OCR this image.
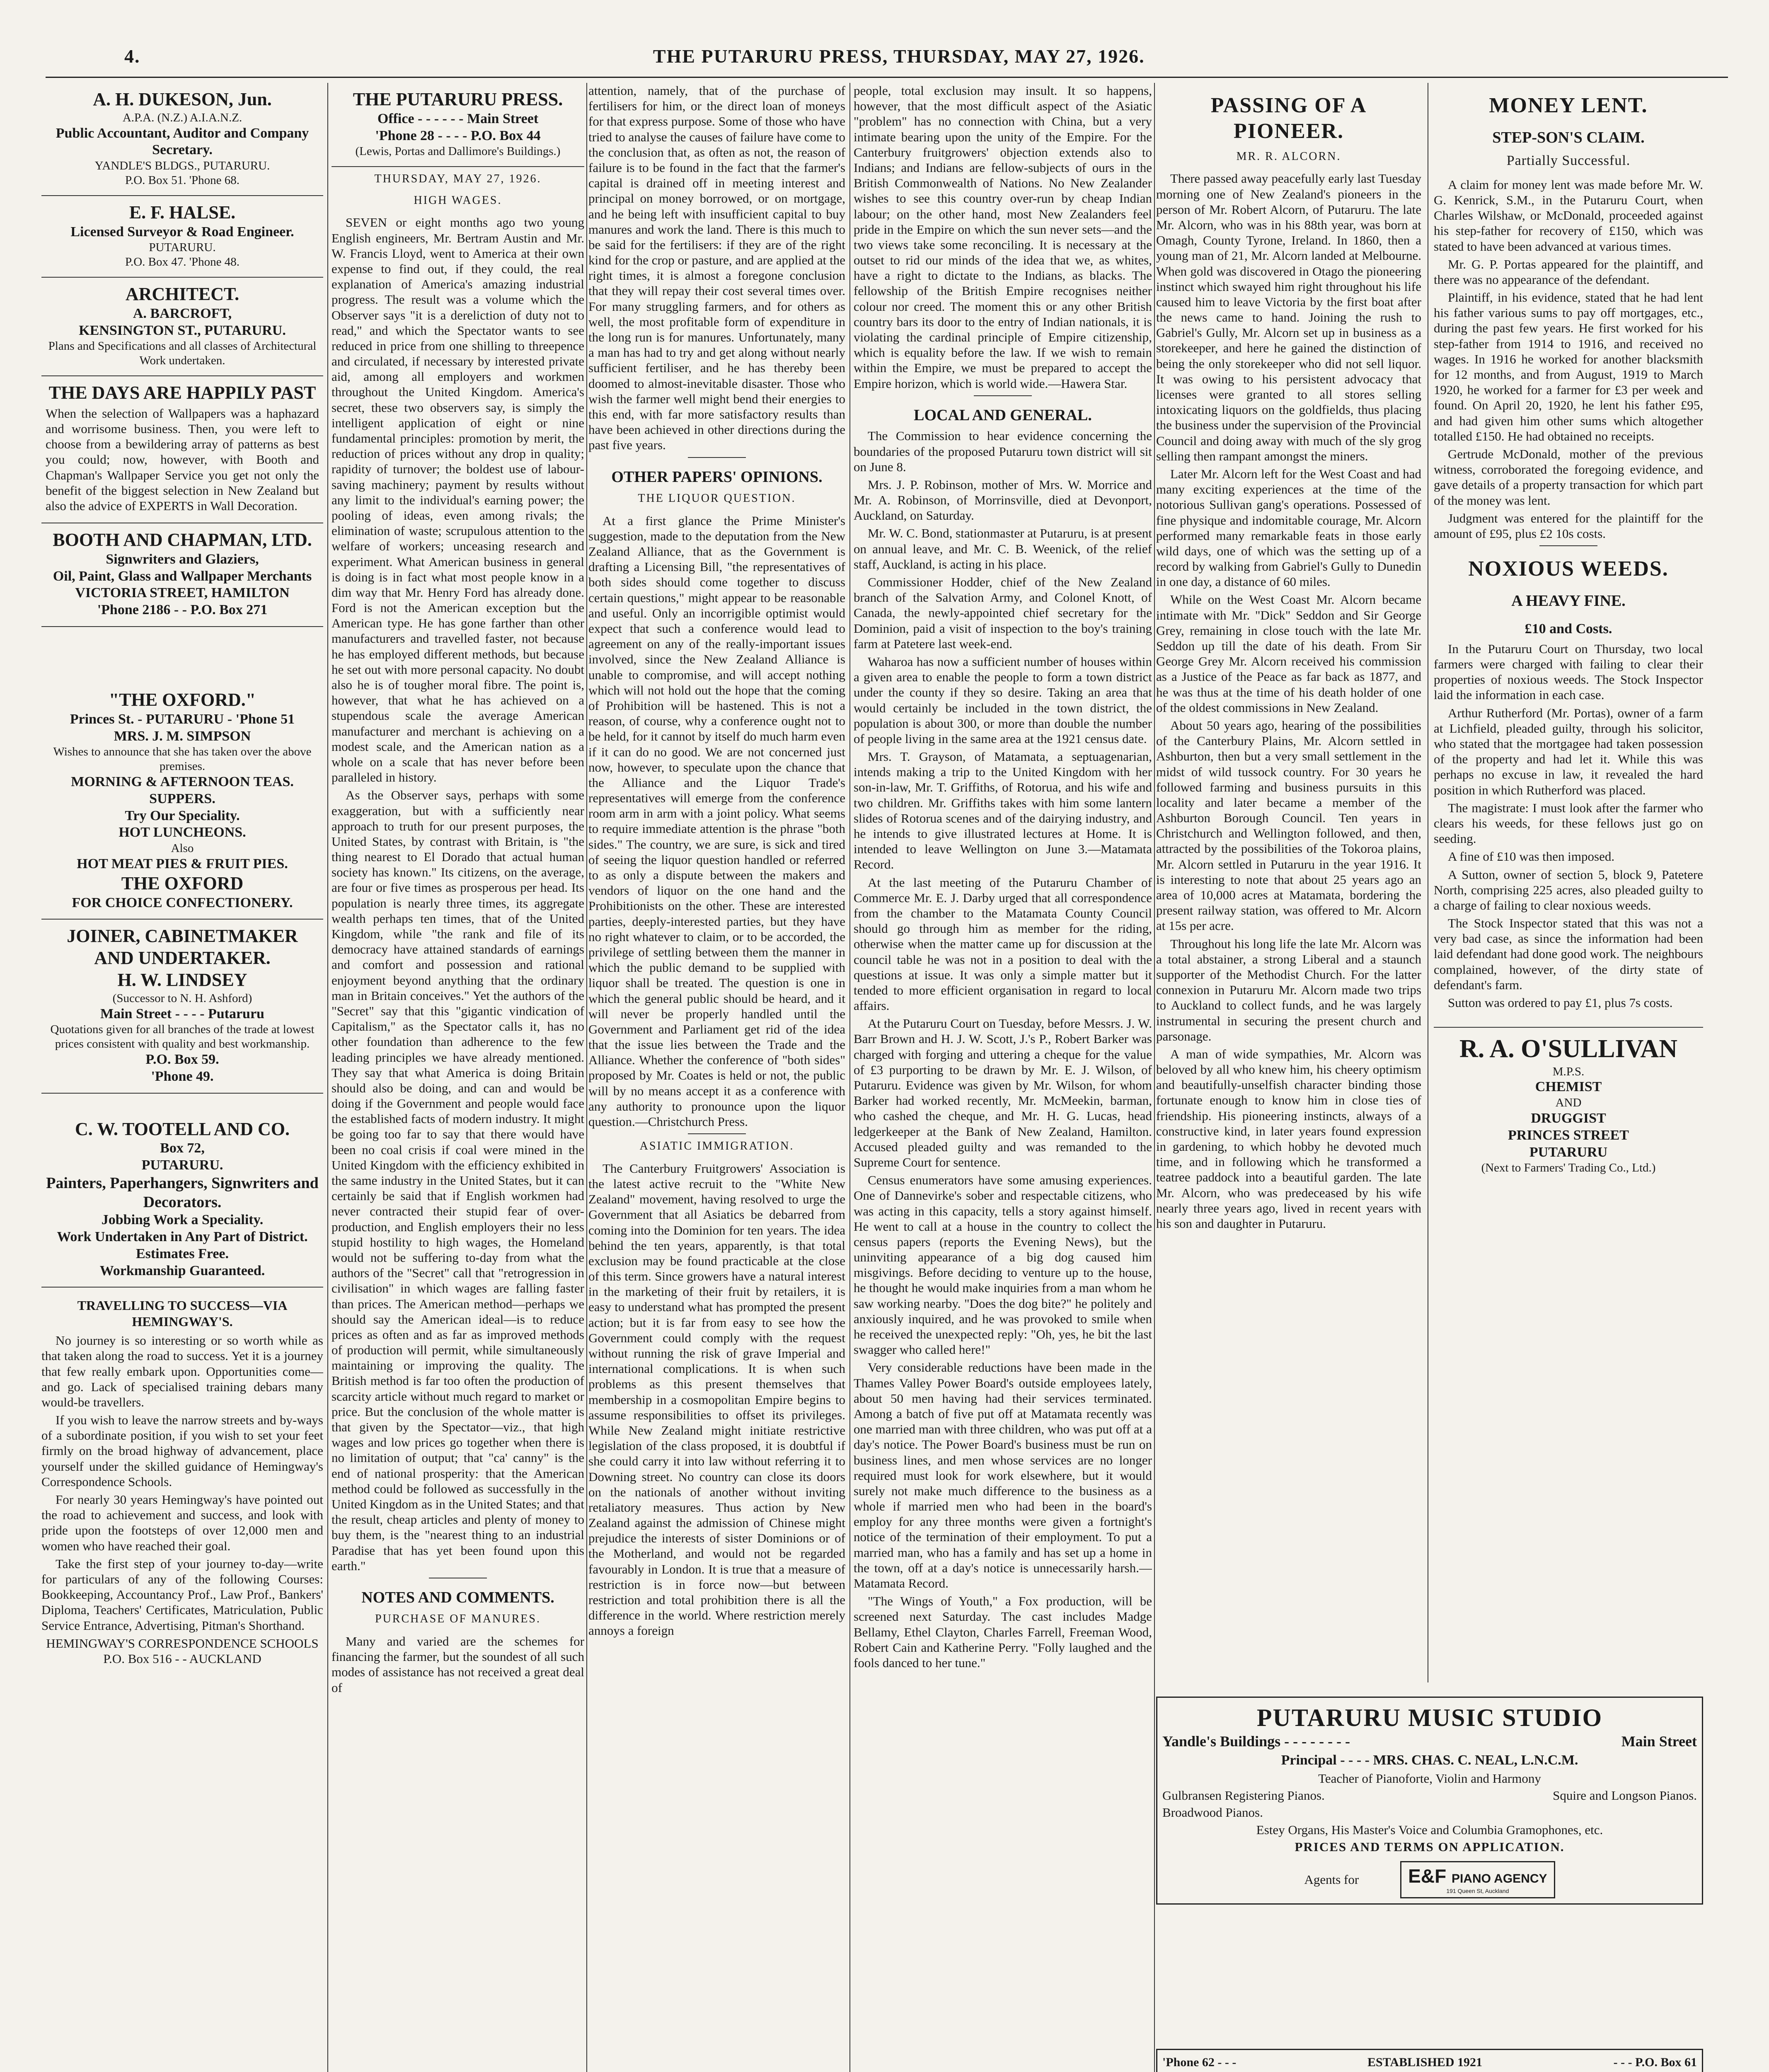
4.	THE PUTARURU PRESS, THURSDAY, MAY 27, 1926.
A. H. DUKESON, Jun.
A.P.A. (N.Z.) A.I.A.N.Z.
Public Accountant, Auditor and Company Secretary.
YANDLE'S BLDGS., PUTARURU.
P.O. Box 51. 'Phone 68.
E. F. HALSE.
Licensed Surveyor & Road Engineer.
PUTARURU.
P.O. Box 47. 'Phone 48.
ARCHITECT.
A. BARCROFT,
KENSINGTON ST., PUTARURU.
Plans and Specifications and all classes of Architectural Work undertaken.
THE DAYS ARE HAPPILY PAST

When the selection of Wallpapers was a haphazard and worrisome business. Then, you were left to choose from a bewildering array of patterns as best you could; now, however, with Booth and Chapman's Wallpaper Service you get not only the benefit of the biggest selection in New Zealand but also the advice of EXPERTS in Wall Decoration.

BOOTH AND CHAPMAN, LTD.
Signwriters and Glaziers,
Oil, Paint, Glass and Wallpaper Merchants
VICTORIA STREET, HAMILTON
'Phone 2186 - - P.O. Box 271
"THE OXFORD."
Princes St. - PUTARURU - 'Phone 51
MRS. J. M. SIMPSON
Wishes to announce that she has taken over the above premises.
MORNING & AFTERNOON TEAS. SUPPERS.
Try Our Speciality.
HOT LUNCHEONS.
Also
HOT MEAT PIES & FRUIT PIES.
THE OXFORD
FOR CHOICE CONFECTIONERY.
JOINER, CABINETMAKER AND UNDERTAKER.
H. W. LINDSEY
(Successor to N. H. Ashford)
Main Street - - - - Putaruru
Quotations given for all branches of the trade at lowest prices consistent with quality and best workmanship.
P.O. Box 59.
'Phone 49.
C. W. TOOTELL AND CO.
Box 72,
PUTARURU.
Painters, Paperhangers, Signwriters and Decorators.
Jobbing Work a Speciality.
Work Undertaken in Any Part of District.
Estimates Free.
Workmanship Guaranteed.
TRAVELLING TO SUCCESS—VIA HEMINGWAY'S.

No journey is so interesting or so worth while as that taken along the road to success. Yet it is a journey that few really embark upon. Opportunities come—and go. Lack of specialised training debars many would-be travellers.

If you wish to leave the narrow streets and by-ways of a subordinate position, if you wish to set your feet firmly on the broad highway of advancement, place yourself under the skilled guidance of Hemingway's Correspondence Schools.

For nearly 30 years Hemingway's have pointed out the road to achievement and success, and look with pride upon the footsteps of over 12,000 men and women who have reached their goal.

Take the first step of your journey to-day—write for particulars of any of the following Courses: Bookkeeping, Accountancy Prof., Law Prof., Bankers' Diploma, Teachers' Certificates, Matriculation, Public Service Entrance, Advertising, Pitman's Shorthand.

HEMINGWAY'S CORRESPONDENCE SCHOOLS
P.O. Box 516 - - AUCKLAND
THE PUTARURU PRESS.
Office - - - - - - Main Street
'Phone 28 - - - - P.O. Box 44
(Lewis, Portas and Dallimore's Buildings.)
THURSDAY, MAY 27, 1926.
HIGH WAGES.

SEVEN or eight months ago two young English engineers, Mr. Bertram Austin and Mr. W. Francis Lloyd, went to America at their own expense to find out, if they could, the real explanation of America's amazing industrial progress. The result was a volume which the Observer says "it is a dereliction of duty not to read," and which the Spectator wants to see reduced in price from one shilling to threepence and circulated, if necessary by interested private aid, among all employers and workmen throughout the United Kingdom. America's secret, these two observers say, is simply the intelligent application of eight or nine fundamental principles: promotion by merit, the reduction of prices without any drop in quality; rapidity of turnover; the boldest use of labour-saving machinery; payment by results without any limit to the individual's earning power; the pooling of ideas, even among rivals; the elimination of waste; scrupulous attention to the welfare of workers; unceasing research and experiment. What American business in general is doing is in fact what most people know in a dim way that Mr. Henry Ford has already done. Ford is not the American exception but the American type. He has gone farther than other manufacturers and travelled faster, not because he has employed different methods, but because he set out with more personal capacity. No doubt also he is of tougher moral fibre. The point is, however, that what he has achieved on a stupendous scale the average American manufacturer and merchant is achieving on a modest scale, and the American nation as a whole on a scale that has never before been paralleled in history.

As the Observer says, perhaps with some exaggeration, but with a sufficiently near approach to truth for our present purposes, the United States, by contrast with Britain, is "the thing nearest to El Dorado that actual human society has known." Its citizens, on the average, are four or five times as prosperous per head. Its population is nearly three times, its aggregate wealth perhaps ten times, that of the United Kingdom, while "the rank and file of its democracy have attained standards of earnings and comfort and possession and rational enjoyment beyond anything that the ordinary man in Britain conceives." Yet the authors of the "Secret" say that this "gigantic vindication of Capitalism," as the Spectator calls it, has no other foundation than adherence to the few leading principles we have already mentioned. They say that what America is doing Britain should also be doing, and can and would be doing if the Government and people would face the established facts of modern industry. It might be going too far to say that there would have been no coal crisis if coal were mined in the United Kingdom with the efficiency exhibited in the same industry in the United States, but it can certainly be said that if English workmen had never contracted their stupid fear of over-production, and English employers their no less stupid hostility to high wages, the Homeland would not be suffering to-day from what the authors of the "Secret" call that "retrogression in civilisation" in which wages are falling faster than prices. The American method—perhaps we should say the American ideal—is to reduce prices as often and as far as improved methods of production will permit, while simultaneously maintaining or improving the quality. The British method is far too often the production of scarcity article without much regard to market or price. But the conclusion of the whole matter is that given by the Spectator—viz., that high wages and low prices go together when there is no limitation of output; that "ca' canny" is the end of national prosperity: that the American method could be followed as successfully in the United Kingdom as in the United States; and that the result, cheap articles and plenty of money to buy them, is the "nearest thing to an industrial Paradise that has yet been found upon this earth."

NOTES AND COMMENTS.
PURCHASE OF MANURES.

Many and varied are the schemes for financing the farmer, but the soundest of all such modes of assistance has not received a great deal of

attention, namely, that of the purchase of fertilisers for him, or the direct loan of moneys for that express purpose. Some of those who have tried to analyse the causes of failure have come to the conclusion that, as often as not, the reason of failure is to be found in the fact that the farmer's capital is drained off in meeting interest and principal on money borrowed, or on mortgage, and he being left with insufficient capital to buy manures and work the land. There is this much to be said for the fertilisers: if they are of the right kind for the crop or pasture, and are applied at the right times, it is almost a foregone conclusion that they will repay their cost several times over. For many struggling farmers, and for others as well, the most profitable form of expenditure in the long run is for manures. Unfortunately, many a man has had to try and get along without nearly sufficient fertiliser, and he has thereby been doomed to almost-inevitable disaster. Those who wish the farmer well might bend their energies to this end, with far more satisfactory results than have been achieved in other directions during the past five years.

OTHER PAPERS' OPINIONS.
THE LIQUOR QUESTION.

At a first glance the Prime Minister's suggestion, made to the deputation from the New Zealand Alliance, that as the Government is drafting a Licensing Bill, "the representatives of both sides should come together to discuss certain questions," might appear to be reasonable and useful. Only an incorrigible optimist would expect that such a conference would lead to agreement on any of the really-important issues involved, since the New Zealand Alliance is unable to compromise, and will accept nothing which will not hold out the hope that the coming of Prohibition will be hastened. This is not a reason, of course, why a conference ought not to be held, for it cannot by itself do much harm even if it can do no good. We are not concerned just now, however, to speculate upon the chance that the Alliance and the Liquor Trade's representatives will emerge from the conference room arm in arm with a joint policy. What seems to require immediate attention is the phrase "both sides." The country, we are sure, is sick and tired of seeing the liquor question handled or referred to as only a dispute between the makers and vendors of liquor on the one hand and the Prohibitionists on the other. These are interested parties, deeply-interested parties, but they have no right whatever to claim, or to be accorded, the privilege of settling between them the manner in which the public demand to be supplied with liquor shall be treated. The question is one in which the general public should be heard, and it will never be properly handled until the Government and Parliament get rid of the idea that the issue lies between the Trade and the Alliance. Whether the conference of "both sides" proposed by Mr. Coates is held or not, the public will by no means accept it as a conference with any authority to pronounce upon the liquor question.—Christchurch Press.

ASIATIC IMMIGRATION.

The Canterbury Fruitgrowers' Association is the latest active recruit to the "White New Zealand" movement, having resolved to urge the Government that all Asiatics be debarred from coming into the Dominion for ten years. The idea behind the ten years, apparently, is that total exclusion may be found practicable at the close of this term. Since growers have a natural interest in the marketing of their fruit by retailers, it is easy to understand what has prompted the present action; but it is far from easy to see how the Government could comply with the request without running the risk of grave Imperial and international complications. It is when such problems as this present themselves that membership in a cosmopolitan Empire begins to assume responsibilities to offset its privileges. While New Zealand might initiate restrictive legislation of the class proposed, it is doubtful if she could carry it into law without referring it to Downing street. No country can close its doors on the nationals of another without inviting retaliatory measures. Thus action by New Zealand against the admission of Chinese might prejudice the interests of sister Dominions or of the Motherland, and would not be regarded favourably in London. It is true that a measure of restriction is in force now—but between restriction and total prohibition there is all the difference in the world. Where restriction merely annoys a foreign

people, total exclusion may insult. It so happens, however, that the most difficult aspect of the Asiatic "problem" has no connection with China, but a very intimate bearing upon the unity of the Empire. For the Canterbury fruitgrowers' objection extends also to Indians; and Indians are fellow-subjects of ours in the British Commonwealth of Nations. No New Zealander wishes to see this country over-run by cheap Indian labour; on the other hand, most New Zealanders feel pride in the Empire on which the sun never sets—and the two views take some reconciling. It is necessary at the outset to rid our minds of the idea that we, as whites, have a right to dictate to the Indians, as blacks. The fellowship of the British Empire recognises neither colour nor creed. The moment this or any other British country bars its door to the entry of Indian nationals, it is violating the cardinal principle of Empire citizenship, which is equality before the law. If we wish to remain within the Empire, we must be prepared to accept the Empire horizon, which is world wide.—Hawera Star.

LOCAL AND GENERAL.

The Commission to hear evidence concerning the boundaries of the proposed Putaruru town district will sit on June 8.

Mrs. J. P. Robinson, mother of Mrs. W. Morrice and Mr. A. Robinson, of Morrinsville, died at Devonport, Auckland, on Saturday.

Mr. W. C. Bond, stationmaster at Putaruru, is at present on annual leave, and Mr. C. B. Weenick, of the relief staff, Auckland, is acting in his place.

Commissioner Hodder, chief of the New Zealand branch of the Salvation Army, and Colonel Knott, of Canada, the newly-appointed chief secretary for the Dominion, paid a visit of inspection to the boy's training farm at Patetere last week-end.

Waharoa has now a sufficient number of houses within a given area to enable the people to form a town district under the county if they so desire. Taking an area that would certainly be included in the town district, the population is about 300, or more than double the number of people living in the same area at the 1921 census date.

Mrs. T. Grayson, of Matamata, a septuagenarian, intends making a trip to the United Kingdom with her son-in-law, Mr. T. Griffiths, of Rotorua, and his wife and two children. Mr. Griffiths takes with him some lantern slides of Rotorua scenes and of the dairying industry, and he intends to give illustrated lectures at Home. It is intended to leave Wellington on June 3.—Matamata Record.

At the last meeting of the Putaruru Chamber of Commerce Mr. E. J. Darby urged that all correspondence from the chamber to the Matamata County Council should go through him as member for the riding, otherwise when the matter came up for discussion at the council table he was not in a position to deal with the questions at issue. It was only a simple matter but it tended to more efficient organisation in regard to local affairs.

At the Putaruru Court on Tuesday, before Messrs. J. W. Barr Brown and H. J. W. Scott, J.'s P., Robert Barker was charged with forging and uttering a cheque for the value of £3 purporting to be drawn by Mr. E. J. Wilson, of Putaruru. Evidence was given by Mr. Wilson, for whom Barker had worked recently, Mr. McMeekin, barman, who cashed the cheque, and Mr. H. G. Lucas, head ledgerkeeper at the Bank of New Zealand, Hamilton. Accused pleaded guilty and was remanded to the Supreme Court for sentence.

Census enumerators have some amusing experiences. One of Dannevirke's sober and respectable citizens, who was acting in this capacity, tells a story against himself. He went to call at a house in the country to collect the census papers (reports the Evening News), but the uninviting appearance of a big dog caused him misgivings. Before deciding to venture up to the house, he thought he would make inquiries from a man whom he saw working nearby. "Does the dog bite?" he politely and anxiously inquired, and he was provoked to smile when he received the unexpected reply: "Oh, yes, he bit the last swagger who called here!"

Very considerable reductions have been made in the Thames Valley Power Board's outside employees lately, about 50 men having had their services terminated. Among a batch of five put off at Matamata recently was one married man with three children, who was put off at a day's notice. The Power Board's business must be run on business lines, and men whose services are no longer required must look for work elsewhere, but it would surely not make much difference to the business as a whole if married men who had been in the board's employ for any three months were given a fortnight's notice of the termination of their employment. To put a married man, who has a family and has set up a home in the town, off at a day's notice is unnecessarily harsh.—Matamata Record.

"The Wings of Youth," a Fox production, will be screened next Saturday. The cast includes Madge Bellamy, Ethel Clayton, Charles Farrell, Freeman Wood, Robert Cain and Katherine Perry. "Folly laughed and the fools danced to her tune."

PASSING OF A PIONEER.
MR. R. ALCORN.

There passed away peacefully early last Tuesday morning one of New Zealand's pioneers in the person of Mr. Robert Alcorn, of Putaruru. The late Mr. Alcorn, who was in his 88th year, was born at Omagh, County Tyrone, Ireland. In 1860, then a young man of 21, Mr. Alcorn landed at Melbourne. When gold was discovered in Otago the pioneering instinct which swayed him right throughout his life caused him to leave Victoria by the first boat after the news came to hand. Joining the rush to Gabriel's Gully, Mr. Alcorn set up in business as a storekeeper, and here he gained the distinction of being the only storekeeper who did not sell liquor. It was owing to his persistent advocacy that licenses were granted to all stores selling intoxicating liquors on the goldfields, thus placing the business under the supervision of the Provincial Council and doing away with much of the sly grog selling then rampant amongst the miners.

Later Mr. Alcorn left for the West Coast and had many exciting experiences at the time of the notorious Sullivan gang's operations. Possessed of fine physique and indomitable courage, Mr. Alcorn performed many remarkable feats in those early wild days, one of which was the setting up of a record by walking from Gabriel's Gully to Dunedin in one day, a distance of 60 miles.

While on the West Coast Mr. Alcorn became intimate with Mr. "Dick" Seddon and Sir George Grey, remaining in close touch with the late Mr. Seddon up till the date of his death. From Sir George Grey Mr. Alcorn received his commission as a Justice of the Peace as far back as 1877, and he was thus at the time of his death holder of one of the oldest commissions in New Zealand.

About 50 years ago, hearing of the possibilities of the Canterbury Plains, Mr. Alcorn settled in Ashburton, then but a very small settlement in the midst of wild tussock country. For 30 years he followed farming and business pursuits in this locality and later became a member of the Ashburton Borough Council. Ten years in Christchurch and Wellington followed, and then, attracted by the possibilities of the Tokoroa plains, Mr. Alcorn settled in Putaruru in the year 1916. It is interesting to note that about 25 years ago an area of 10,000 acres at Matamata, bordering the present railway station, was offered to Mr. Alcorn at 15s per acre.

Throughout his long life the late Mr. Alcorn was a total abstainer, a strong Liberal and a staunch supporter of the Methodist Church. For the latter connexion in Putaruru Mr. Alcorn made two trips to Auckland to collect funds, and he was largely instrumental in securing the present church and parsonage.

A man of wide sympathies, Mr. Alcorn was beloved by all who knew him, his cheery optimism and beautifully-unselfish character binding those fortunate enough to know him in close ties of friendship. His pioneering instincts, always of a constructive kind, in later years found expression in gardening, to which hobby he devoted much time, and in following which he transformed a teatree paddock into a beautiful garden. The late Mr. Alcorn, who was predeceased by his wife nearly three years ago, lived in recent years with his son and daughter in Putaruru.

MONEY LENT.
STEP-SON'S CLAIM.
Partially Successful.

A claim for money lent was made before Mr. W. G. Kenrick, S.M., in the Putaruru Court, when Charles Wilshaw, or McDonald, proceeded against his step-father for recovery of £150, which was stated to have been advanced at various times.

Mr. G. P. Portas appeared for the plaintiff, and there was no appearance of the defendant.

Plaintiff, in his evidence, stated that he had lent his father various sums to pay off mortgages, etc., during the past few years. He first worked for his step-father from 1914 to 1916, and received no wages. In 1916 he worked for another blacksmith for 12 months, and from August, 1919 to March 1920, he worked for a farmer for £3 per week and found. On April 20, 1920, he lent his father £95, and had given him other sums which altogether totalled £150. He had obtained no receipts.

Gertrude McDonald, mother of the previous witness, corroborated the foregoing evidence, and gave details of a property transaction for which part of the money was lent.

Judgment was entered for the plaintiff for the amount of £95, plus £2 10s costs.

NOXIOUS WEEDS.
A HEAVY FINE.
£10 and Costs.

In the Putaruru Court on Thursday, two local farmers were charged with failing to clear their properties of noxious weeds. The Stock Inspector laid the information in each case.

Arthur Rutherford (Mr. Portas), owner of a farm at Lichfield, pleaded guilty, through his solicitor, who stated that the mortgagee had taken possession of the property and had let it. While this was perhaps no excuse in law, it revealed the hard position in which Rutherford was placed.

The magistrate: I must look after the farmer who clears his weeds, for these fellows just go on seeding.

A fine of £10 was then imposed.

A Sutton, owner of section 5, block 9, Patetere North, comprising 225 acres, also pleaded guilty to a charge of failing to clear noxious weeds.

The Stock Inspector stated that this was not a very bad case, as since the information had been laid defendant had done good work. The neighbours complained, however, of the dirty state of defendant's farm.

Sutton was ordered to pay £1, plus 7s costs.

R. A. O'SULLIVAN
M.P.S.
CHEMIST
AND
DRUGGIST
PRINCES STREET
PUTARURU
(Next to Farmers' Trading Co., Ltd.)
PUTARURU MUSIC STUDIO
Yandle's Buildings - - - - - - - -	Main Street

Principal - - - - MRS. CHAS. C. NEAL, L.N.C.M.

Teacher of Pianoforte, Violin and Harmony

Gulbransen Registering Pianos.	Squire and Longson Pianos.

Broadwood Pianos.

Estey Organs, His Master's Voice and Columbia Gramophones, etc.

PRICES AND TERMS ON APPLICATION.

Agents for	E&F PIANO AGENCY
191 Queen St, Auckland
'Phone 62 - - -	ESTABLISHED 1921	- - - P.O. Box 61
